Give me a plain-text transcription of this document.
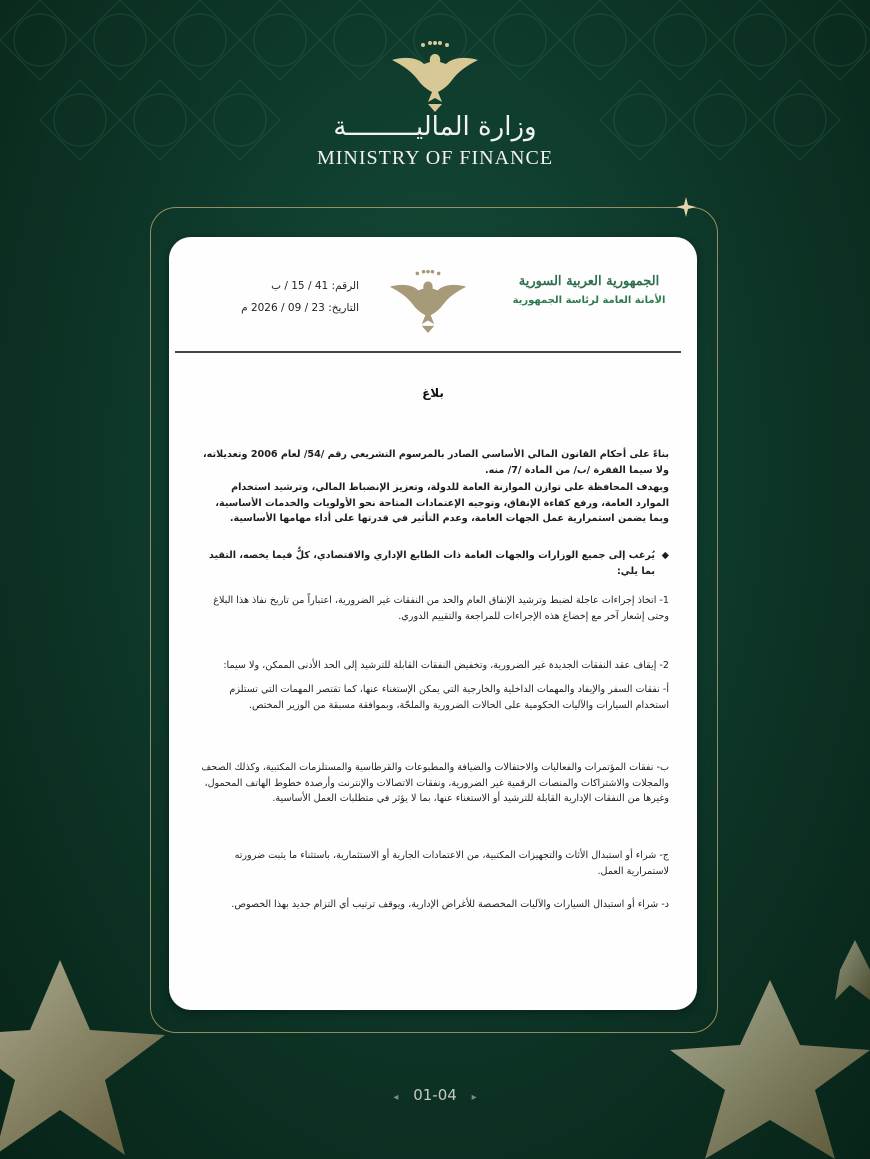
وزارة الماليـــــــــة
MINISTRY OF FINANCE
الرقم: 41 / 15 / ب
التاريخ: 23 / 09 / 2026 م
الجمهورية العربية السورية
الأمانة العامة لرئاسة الجمهورية
بلاغ
بناءً على أحكام القانون المالي الأساسي الصادر بالمرسوم التشريعي رقم /54/ لعام 2006 وتعديلاته، ولا سيما الفقرة /ب/ من المادة /7/ منه.
وبهدف المحافظة على توازن الموازنة العامة للدولة، وتعزيز الإنضباط المالي، وترشيد استخدام الموارد العامة، ورفع كفاءة الإنفاق، وتوجيه الإعتمادات المتاحة نحو الأولويات والخدمات الأساسية، وبما يضمن استمرارية عمل الجهات العامة، وعدم التأثير في قدرتها على أداء مهامها الأساسية.
◆
يُرغب إلى جميع الوزارات والجهات العامة ذات الطابع الإداري والاقتصادي، كلٌّ فيما يخصه، التقيد بما يلي:
1- اتخاذ إجراءات عاجلة لضبط وترشيد الإنفاق العام والحد من النفقات غير الضرورية، اعتباراً من تاريخ نفاذ هذا البلاغ وحتى إشعار آخر مع إخضاع هذه الإجراءات للمراجعة والتقييم الدوري.
2- إيقاف عقد النفقات الجديدة غير الضرورية، وتخفيض النفقات القابلة للترشيد إلى الحد الأدنى الممكن، ولا سيما:
أ- نفقات السفر والإيفاد والمهمات الداخلية والخارجية التي يمكن الإستغناء عنها، كما تقتصر المهمات التي تستلزم استخدام السيارات والآليات الحكومية على الحالات الضرورية والملحّة، وبموافقة مسبقة من الوزير المختص.
ب- نفقات المؤتمرات والفعاليات والاحتفالات والضيافة والمطبوعات والقرطاسية والمستلزمات المكتبية، وكذلك الصحف والمجلات والاشتراكات والمنصات الرقمية غير الضرورية، ونفقات الاتصالات والإنترنت وأرصدة خطوط الهاتف المحمول، وغيرها من النفقات الإدارية القابلة للترشيد أو الاستغناء عنها، بما لا يؤثر في متطلبات العمل الأساسية.
ج- شراء أو استبدال الأثاث والتجهيزات المكتبية، من الاعتمادات الجارية أو الاستثمارية، باستثناء ما يثبت ضرورته لاستمرارية العمل.
د- شراء أو استبدال السيارات والآليات المخصصة للأغراض الإدارية، ويوقف ترتيب أي التزام جديد بهذا الخصوص.
◂ 01-04 ▸
